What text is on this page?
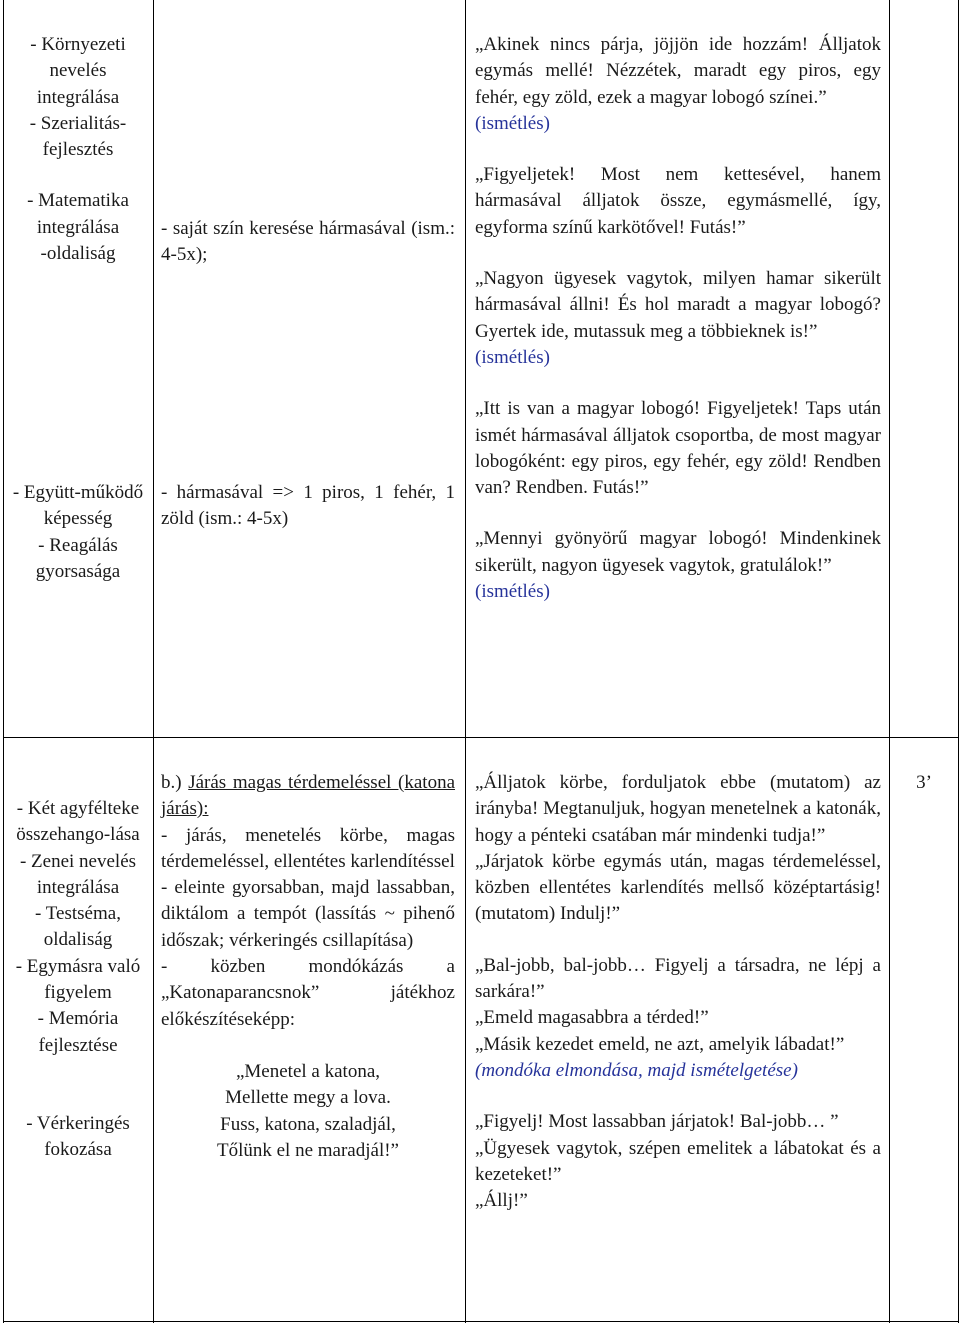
- Környezeti nevelés integrálása

- Szerialitás-fejlesztés

- Matematika integrálása

-oldaliság

- saját szín keresése hármasával (ism.: 4-5x);

„Akinek nincs párja, jöjjön ide hozzám! Álljatok egymás mellé! Nézzétek, maradt egy piros, egy fehér, egy zöld, ezek a magyar lobogó színei.”

(ismétlés)

„Figyeljetek! Most nem kettesével, hanem hármasával álljatok össze, egymásmellé, így, egyforma színű karkötővel! Futás!”

„Nagyon ügyesek vagytok, milyen hamar sikerült hármasával állni! És hol maradt a magyar lobogó? Gyertek ide, mutassuk meg a többieknek is!”

(ismétlés)

„Itt is van a magyar lobogó! Figyeljetek! Taps után ismét hármasával álljatok csoportba, de most magyar lobogóként: egy piros, egy fehér, egy zöld! Rendben van? Rendben. Futás!”

„Mennyi gyönyörű magyar lobogó! Mindenkinek sikerült, nagyon ügyesek vagytok, gratulálok!”

(ismétlés)

- Együtt-működő képesség

- Reagálás gyorsasága

- hármasával => 1 piros, 1 fehér, 1 zöld (ism.: 4-5x)

- Két agyfélteke összehango-lása

- Zenei nevelés integrálása

- Testséma, oldaliság

- Egymásra való figyelem

- Memória fejlesztése

- Vérkeringés fokozása

b.) Járás magas térdemeléssel (katona járás):

- járás, menetelés körbe, magas térdemeléssel, ellentétes karlendítéssel

- eleinte gyorsabban, majd lassabban, diktálom a tempót (lassítás ~ pihenő időszak; vérkeringés csillapítása)

- közben mondókázás a „Katonaparancsnok” játékhoz előkészítéseképp:

„Menetel a katona,

Mellette megy a lova.

Fuss, katona, szaladjál,

Tőlünk el ne maradjál!”

„Álljatok körbe, forduljatok ebbe (mutatom) az irányba! Megtanuljuk, hogyan menetelnek a katonák, hogy a pénteki csatában már mindenki tudja!”

„Járjatok körbe egymás után, magas térdemeléssel, közben ellentétes karlendítés mellső középtartásig! (mutatom) Indulj!”

„Bal-jobb, bal-jobb… Figyelj a társadra, ne lépj a sarkára!”

„Emeld magasabbra a térded!”

„Másik kezedet emeld, ne azt, amelyik lábadat!”

(mondóka elmondása, majd ismételgetése)

„Figyelj! Most lassabban járjatok! Bal-jobb… ”

„Ügyesek vagytok, szépen emelitek a lábatokat és a kezeteket!”

„Állj!”

3’
